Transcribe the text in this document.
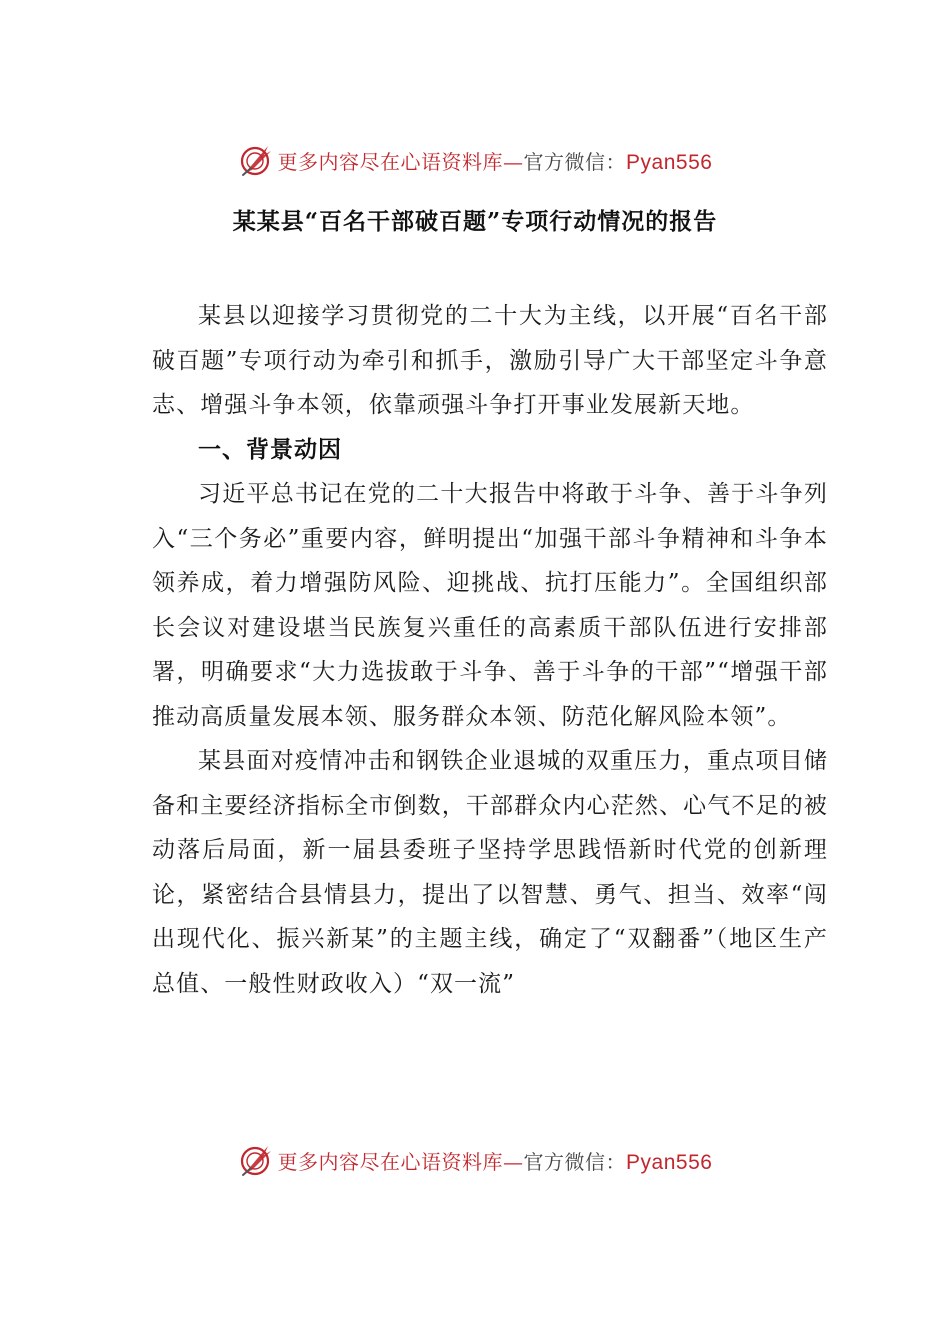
更多内容尽在心语资料库—官方微信：Pyan556
某某县“百名干部破百题”专项行动情况的报告

某县以迎接学习贯彻党的二十大为主线，以开展“百名干部破百题”专项行动为牵引和抓手，激励引导广大干部坚定斗争意志、增强斗争本领，依靠顽强斗争打开事业发展新天地。

一、背景动因

习近平总书记在党的二十大报告中将敢于斗争、善于斗争列入“三个务必”重要内容，鲜明提出“加强干部斗争精神和斗争本领养成，着力增强防风险、迎挑战、抗打压能力”。全国组织部长会议对建设堪当民族复兴重任的高素质干部队伍进行安排部署，明确要求“大力选拔敢于斗争、善于斗争的干部”“增强干部推动高质量发展本领、服务群众本领、防范化解风险本领”。

某县面对疫情冲击和钢铁企业退城的双重压力，重点项目储备和主要经济指标全市倒数，干部群众内心茫然、心气不足的被动落后局面，新一届县委班子坚持学思践悟新时代党的创新理论，紧密结合县情县力，提出了以智慧、勇气、担当、效率“闯出现代化、振兴新某”的主题主线，确定了“双翻番”（地区生产总值、一般性财政收入）“双一流”

更多内容尽在心语资料库—官方微信：Pyan556
